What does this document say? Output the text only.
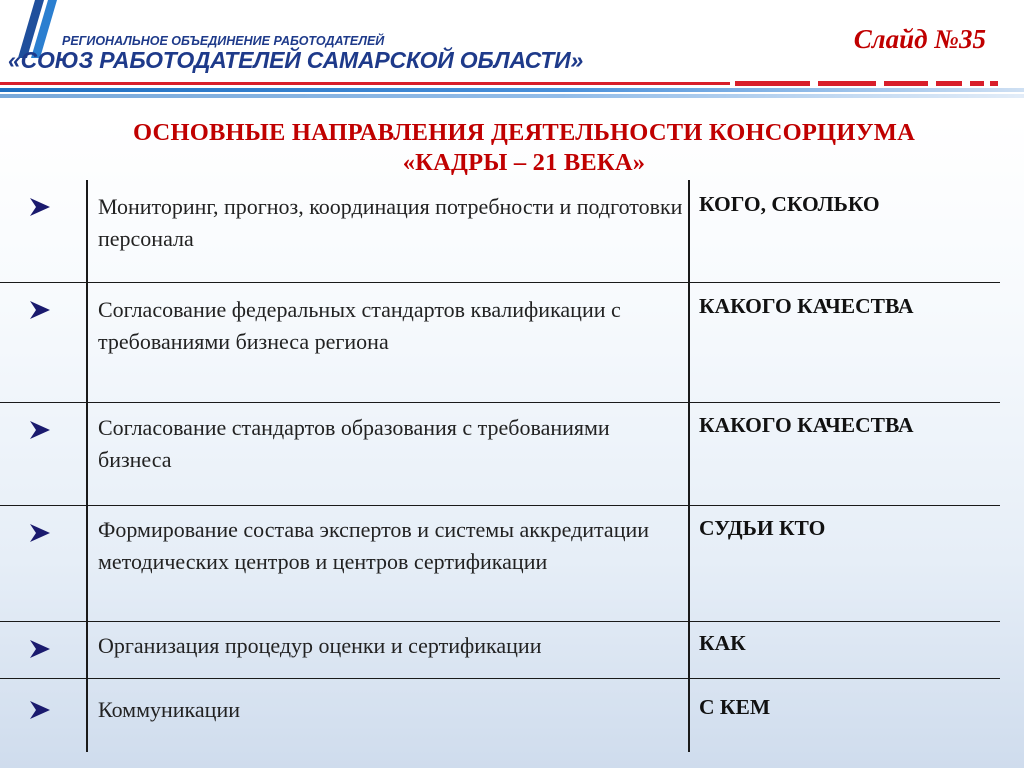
РЕГИОНАЛЬНОЕ ОБЪЕДИНЕНИЕ РАБОТОДАТЕЛЕЙ
«СОЮЗ РАБОТОДАТЕЛЕЙ САМАРСКОЙ ОБЛАСТИ»
Слайд №35
ОСНОВНЫЕ НАПРАВЛЕНИЯ ДЕЯТЕЛЬНОСТИ КОНСОРЦИУМА
«КАДРЫ – 21 ВЕКА»
Мониторинг, прогноз, координация потребности и подготовки персонала
КОГО, СКОЛЬКО
Согласование федеральных стандартов квалификации с требованиями бизнеса региона
КАКОГО КАЧЕСТВА
Согласование стандартов образования с требованиями бизнеса
КАКОГО КАЧЕСТВА
Формирование состава экспертов и системы аккредитации методических центров и центров сертификации
СУДЬИ КТО
Организация процедур оценки и сертификации	КАК
Коммуникации	С КЕМ
